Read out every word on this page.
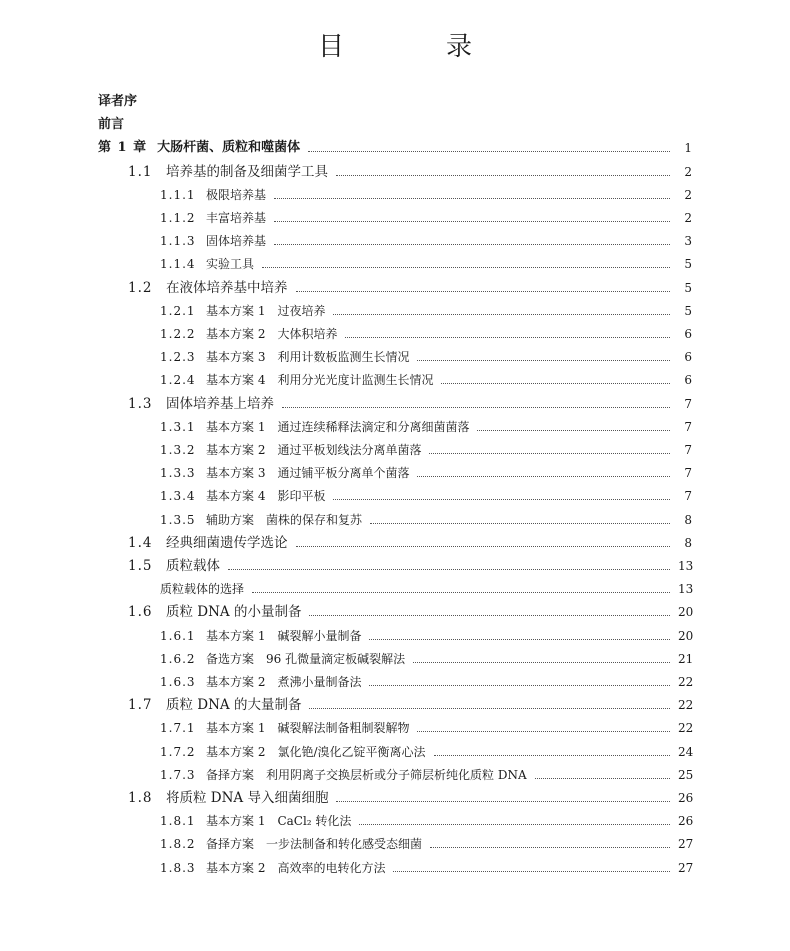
目　录
译者序
前言
第 1 章 大肠杆菌、质粒和噬菌体	1
1.1	培养基的制备及细菌学工具	2
1.1.1 极限培养基	2
1.1.2 丰富培养基	2
1.1.3 固体培养基	3
1.1.4 实验工具	5
1.2	在液体培养基中培养	5
1.2.1 基本方案 1　过夜培养	5
1.2.2 基本方案 2　大体积培养	6
1.2.3 基本方案 3　利用计数板监测生长情况	6
1.2.4 基本方案 4　利用分光光度计监测生长情况	6
1.3	固体培养基上培养	7
1.3.1 基本方案 1　通过连续稀释法滴定和分离细菌菌落	7
1.3.2 基本方案 2　通过平板划线法分离单菌落	7
1.3.3 基本方案 3　通过铺平板分离单个菌落	7
1.3.4 基本方案 4　影印平板	7
1.3.5 辅助方案　菌株的保存和复苏	8
1.4	经典细菌遗传学选论	8
1.5	质粒载体	13
质粒载体的选择	13
1.6	质粒 DNA 的小量制备	20
1.6.1 基本方案 1　碱裂解小量制备	20
1.6.2 备选方案　96 孔微量滴定板碱裂解法	21
1.6.3 基本方案 2　煮沸小量制备法	22
1.7	质粒 DNA 的大量制备	22
1.7.1 基本方案 1　碱裂解法制备粗制裂解物	22
1.7.2 基本方案 2　氯化铯/溴化乙锭平衡离心法	24
1.7.3 备择方案　利用阴离子交换层析或分子筛层析纯化质粒 DNA	25
1.8	将质粒 DNA 导入细菌细胞	26
1.8.1 基本方案 1　CaCl₂ 转化法	26
1.8.2 备择方案　一步法制备和转化感受态细菌	27
1.8.3 基本方案 2　高效率的电转化方法	27
